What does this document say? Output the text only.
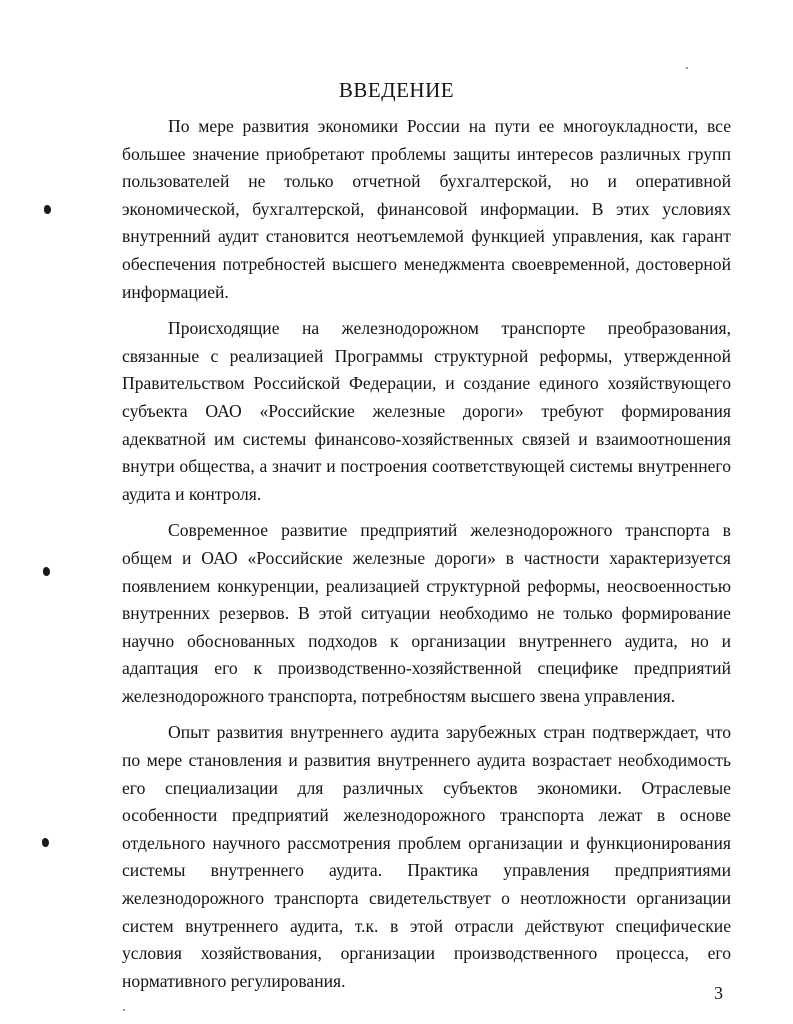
ВВЕДЕНИЕ

По мере развития экономики России на пути ее многоукладности, все большее значение приобретают проблемы защиты интересов различных групп пользователей не только отчетной бухгалтерской, но и оперативной экономической, бухгалтерской, финансовой информации. В этих условиях внутренний аудит становится неотъемлемой функцией управления, как гарант обеспечения потребностей высшего менеджмента своевременной, достоверной информацией.

Происходящие на железнодорожном транспорте преобразования, связанные с реализацией Программы структурной реформы, утвержденной Правительством Российской Федерации, и создание единого хозяйствующего субъекта ОАО «Российские железные дороги» требуют формирования адекватной им системы финансово-хозяйственных связей и взаимоотношения внутри общества, а значит и построения соответствующей системы внутреннего аудита и контроля.

Современное развитие предприятий железнодорожного транспорта в общем и ОАО «Российские железные дороги» в частности характеризуется появлением конкуренции, реализацией структурной реформы, неосвоенностью внутренних резервов. В этой ситуации необходимо не только формирование научно обоснованных подходов к организации внутреннего аудита, но и адаптация его к производственно-хозяйственной специфике предприятий железнодорожного транспорта, потребностям высшего звена управления.

Опыт развития внутреннего аудита зарубежных стран подтверждает, что по мере становления и развития внутреннего аудита возрастает необходимость его специализации для различных субъектов экономики. Отраслевые особенности предприятий железнодорожного транспорта лежат в основе отдельного научного рассмотрения проблем организации и функционирования системы внутреннего аудита. Практика управления предприятиями железнодорожного транспорта свидетельствует о неотложности организации систем внутреннего аудита, т.к. в этой отрасли действуют специфические условия хозяйствования, организации производственного процесса, его нормативного регулирования.

3
